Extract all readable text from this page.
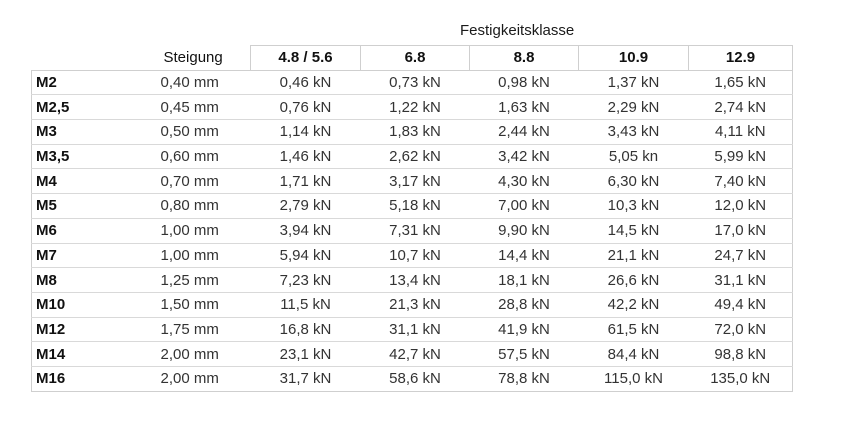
Festigkeitsklasse
	Steigung	4.8 / 5.6	6.8	8.8	10.9	12.9
M2	0,40 mm	0,46 kN	0,73 kN	0,98 kN	1,37 kN	1,65 kN
M2,5	0,45 mm	0,76 kN	1,22 kN	1,63 kN	2,29 kN	2,74 kN
M3	0,50 mm	1,14 kN	1,83 kN	2,44 kN	3,43 kN	4,11 kN
M3,5	0,60 mm	1,46 kN	2,62 kN	3,42 kN	5,05 kn	5,99 kN
M4	0,70 mm	1,71 kN	3,17 kN	4,30 kN	6,30 kN	7,40 kN
M5	0,80 mm	2,79 kN	5,18 kN	7,00 kN	10,3 kN	12,0 kN
M6	1,00 mm	3,94 kN	7,31 kN	9,90 kN	14,5 kN	17,0 kN
M7	1,00 mm	5,94 kN	10,7 kN	14,4 kN	21,1 kN	24,7 kN
M8	1,25 mm	7,23 kN	13,4 kN	18,1 kN	26,6 kN	31,1 kN
M10	1,50 mm	11,5 kN	21,3 kN	28,8 kN	42,2 kN	49,4 kN
M12	1,75 mm	16,8 kN	31,1 kN	41,9 kN	61,5 kN	72,0 kN
M14	2,00 mm	23,1 kN	42,7 kN	57,5 kN	84,4 kN	98,8 kN
M16	2,00 mm	31,7 kN	58,6 kN	78,8 kN	115,0 kN	135,0 kN
